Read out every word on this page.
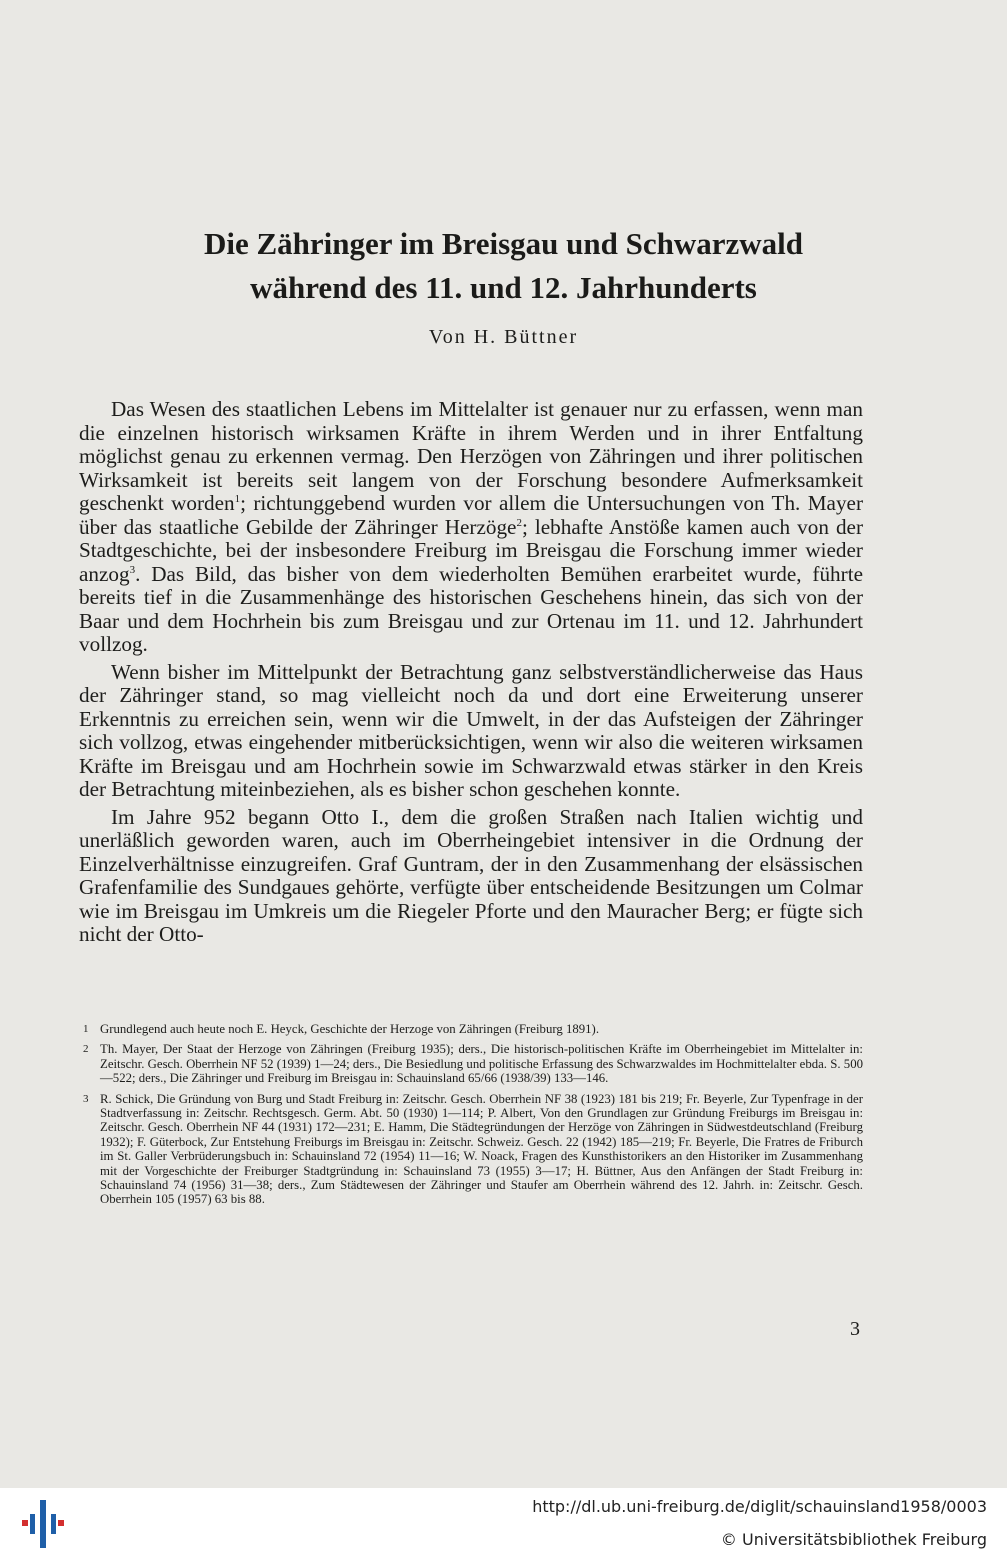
Die Zähringer im Breisgau und Schwarzwald
während des 11. und 12. Jahrhunderts
Von H. Büttner

Das Wesen des staatlichen Lebens im Mittelalter ist genauer nur zu erfassen, wenn man die einzelnen historisch wirksamen Kräfte in ihrem Werden und in ihrer Entfaltung möglichst genau zu erkennen vermag. Den Herzögen von Zähringen und ihrer politischen Wirksamkeit ist bereits seit langem von der Forschung besondere Aufmerksamkeit geschenkt worden$^1$; richtunggebend wurden vor allem die Untersuchungen von Th. Mayer über das staatliche Gebilde der Zähringer Herzöge$^2$; lebhafte Anstöße kamen auch von der Stadtgeschichte, bei der insbesondere Freiburg im Breisgau die Forschung immer wieder anzog$^3$. Das Bild, das bisher von dem wiederholten Bemühen erarbeitet wurde, führte bereits tief in die Zusammenhänge des historischen Geschehens hinein, das sich von der Baar und dem Hochrhein bis zum Breisgau und zur Ortenau im 11. und 12. Jahrhundert vollzog.

Wenn bisher im Mittelpunkt der Betrachtung ganz selbstverständlicherweise das Haus der Zähringer stand, so mag vielleicht noch da und dort eine Erweiterung unserer Erkenntnis zu erreichen sein, wenn wir die Umwelt, in der das Aufsteigen der Zähringer sich vollzog, etwas eingehender mitberücksichtigen, wenn wir also die weiteren wirksamen Kräfte im Breisgau und am Hochrhein sowie im Schwarzwald etwas stärker in den Kreis der Betrachtung miteinbeziehen, als es bisher schon geschehen konnte.

Im Jahre 952 begann Otto I., dem die großen Straßen nach Italien wichtig und unerläßlich geworden waren, auch im Oberrheingebiet intensiver in die Ordnung der Einzelverhältnisse einzugreifen. Graf Guntram, der in den Zusammenhang der elsässischen Grafenfamilie des Sundgaues gehörte, verfügte über entscheidende Besitzungen um Colmar wie im Breisgau im Umkreis um die Riegeler Pforte und den Mauracher Berg; er fügte sich nicht der Otto-

1 Grundlegend auch heute noch E. Heyck, Geschichte der Herzoge von Zähringen (Freiburg 1891).
2 Th. Mayer, Der Staat der Herzoge von Zähringen (Freiburg 1935); ders., Die historisch-politischen Kräfte im Oberrheingebiet im Mittelalter in: Zeitschr. Gesch. Oberrhein NF 52 (1939) 1—24; ders., Die Besiedlung und politische Erfassung des Schwarzwaldes im Hochmittelalter ebda. S. 500—522; ders., Die Zähringer und Freiburg im Breisgau in: Schauinsland 65/66 (1938/39) 133—146.
3 R. Schick, Die Gründung von Burg und Stadt Freiburg in: Zeitschr. Gesch. Oberrhein NF 38 (1923) 181 bis 219; Fr. Beyerle, Zur Typenfrage in der Stadtverfassung in: Zeitschr. Rechtsgesch. Germ. Abt. 50 (1930) 1—114; P. Albert, Von den Grundlagen zur Gründung Freiburgs im Breisgau in: Zeitschr. Gesch. Oberrhein NF 44 (1931) 172—231; E. Hamm, Die Städtegründungen der Herzöge von Zähringen in Südwestdeutschland (Freiburg 1932); F. Güterbock, Zur Entstehung Freiburgs im Breisgau in: Zeitschr. Schweiz. Gesch. 22 (1942) 185—219; Fr. Beyerle, Die Fratres de Friburch im St. Galler Verbrüderungsbuch in: Schauinsland 72 (1954) 11—16; W. Noack, Fragen des Kunsthistorikers an den Historiker im Zusammenhang mit der Vorgeschichte der Freiburger Stadtgründung in: Schauinsland 73 (1955) 3—17; H. Büttner, Aus den Anfängen der Stadt Freiburg in: Schauinsland 74 (1956) 31—38; ders., Zum Städtewesen der Zähringer und Staufer am Oberrhein während des 12. Jahrh. in: Zeitschr. Gesch. Oberrhein 105 (1957) 63 bis 88.
3
http://dl.ub.uni-freiburg.de/diglit/schauinsland1958/0003
© Universitätsbibliothek Freiburg
